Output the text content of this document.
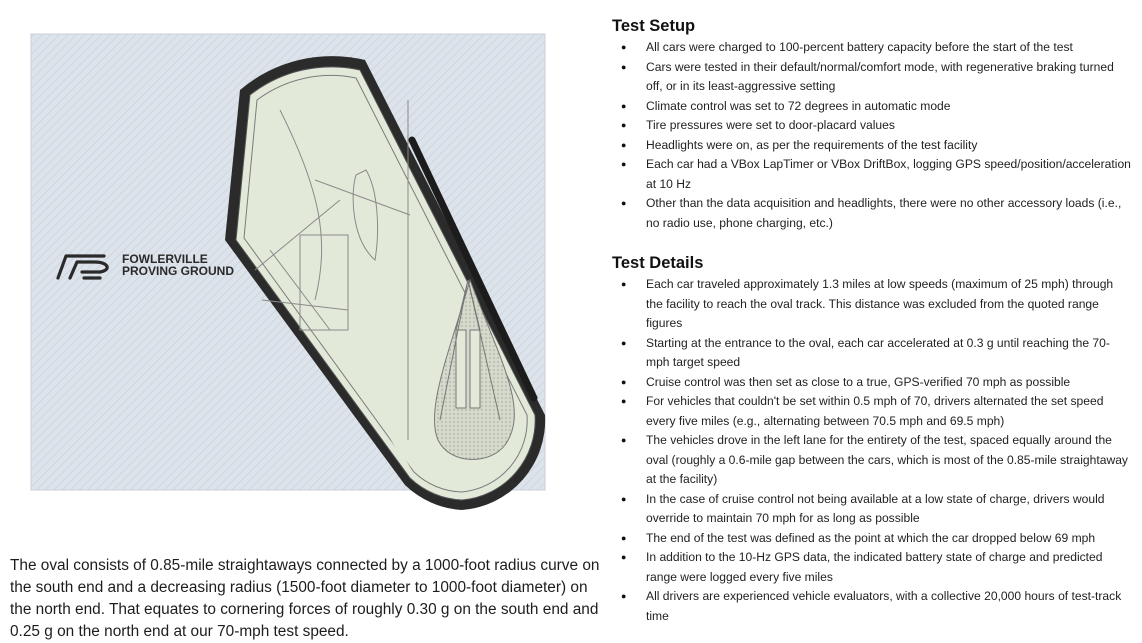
FOWLERVILLE
PROVING GROUND

The oval consists of 0.85-mile straightaways connected by a 1000-foot radius curve on the south end and a decreasing radius (1500-foot diameter to 1000-foot diameter) on the north end. That equates to cornering forces of roughly 0.30 g on the south end and 0.25 g on the north end at our 70-mph test speed.

Test Setup
● All cars were charged to 100-percent battery capacity before the start of the test
● Cars were tested in their default/normal/comfort mode, with regenerative braking turned off, or in its least-aggressive setting
● Climate control was set to 72 degrees in automatic mode
● Tire pressures were set to door-placard values
● Headlights were on, as per the requirements of the test facility
● Each car had a VBox LapTimer or VBox DriftBox, logging GPS speed/position/acceleration at 10 Hz
● Other than the data acquisition and headlights, there were no other accessory loads (i.e., no radio use, phone charging, etc.)
Test Details
● Each car traveled approximately 1.3 miles at low speeds (maximum of 25 mph) through the facility to reach the oval track. This distance was excluded from the quoted range figures
● Starting at the entrance to the oval, each car accelerated at 0.3 g until reaching the 70-mph target speed
● Cruise control was then set as close to a true, GPS-verified 70 mph as possible
● For vehicles that couldn't be set within 0.5 mph of 70, drivers alternated the set speed every five miles (e.g., alternating between 70.5 mph and 69.5 mph)
● The vehicles drove in the left lane for the entirety of the test, spaced equally around the oval (roughly a 0.6-mile gap between the cars, which is most of the 0.85-mile straightaway at the facility)
● In the case of cruise control not being available at a low state of charge, drivers would override to maintain 70 mph for as long as possible
● The end of the test was defined as the point at which the car dropped below 69 mph
● In addition to the 10-Hz GPS data, the indicated battery state of charge and predicted range were logged every five miles
● All drivers are experienced vehicle evaluators, with a collective 20,000 hours of test-track time
